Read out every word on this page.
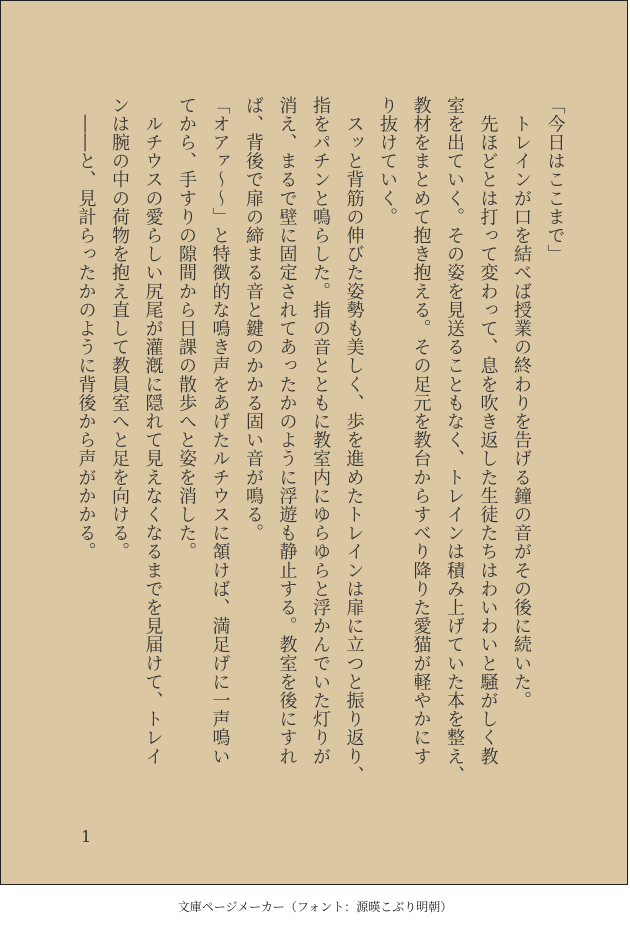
「今日はここまで」
　トレインが口を結べば授業の終わりを告げる鐘の音がその後に続いた。
　先ほどとは打って変わって、息を吹き返した生徒たちはわいわいと騒がしく教
室を出ていく。その姿を見送ることもなく、トレインは積み上げていた本を整え、
教材をまとめて抱き抱える。その足元を教台からすべり降りた愛猫が軽やかにす
り抜けていく。
　スッと背筋の伸びた姿勢も美しく、歩を進めたトレインは扉に立つと振り返り、
指をパチンと鳴らした。指の音とともに教室内にゆらゆらと浮かんでいた灯りが
消え、まるで壁に固定されてあったかのように浮遊も静止する。教室を後にすれ
ば、背後で扉の締まる音と鍵のかかる固い音が鳴る。
「オアァ～～」と特徴的な鳴き声をあげたルチウスに頷けば、満足げに一声鳴い
てから、手すりの隙間から日課の散歩へと姿を消した。
　ルチウスの愛らしい尻尾が灌漑に隠れて見えなくなるまでを見届けて、トレイ
ンは腕の中の荷物を抱え直して教員室へと足を向ける。
　――と、見計らったかのように背後から声がかかる。
1
文庫ページメーカー（フォント：源暎こぶり明朝）
